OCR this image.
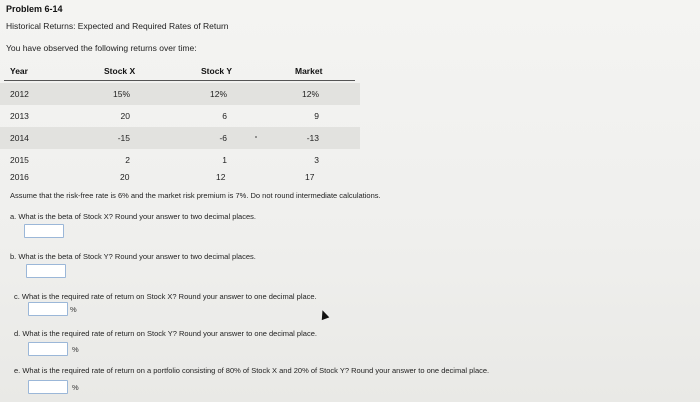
Problem 6-14
Historical Returns: Expected and Required Rates of Return
You have observed the following returns over time:
Year	Stock X	Stock Y	Market
2012	15%	12%	12%
2013	20	6	9
2014	-15	-6	-13
2015	2	1	3
2016	20	12	17
Assume that the risk-free rate is 6% and the market risk premium is 7%. Do not round intermediate calculations.
a. What is the beta of Stock X? Round your answer to two decimal places.
b. What is the beta of Stock Y? Round your answer to two decimal places.
c. What is the required rate of return on Stock X? Round your answer to one decimal place.
%
d. What is the required rate of return on Stock Y? Round your answer to one decimal place.
%
e. What is the required rate of return on a portfolio consisting of 80% of Stock X and 20% of Stock Y? Round your answer to one decimal place.
%
